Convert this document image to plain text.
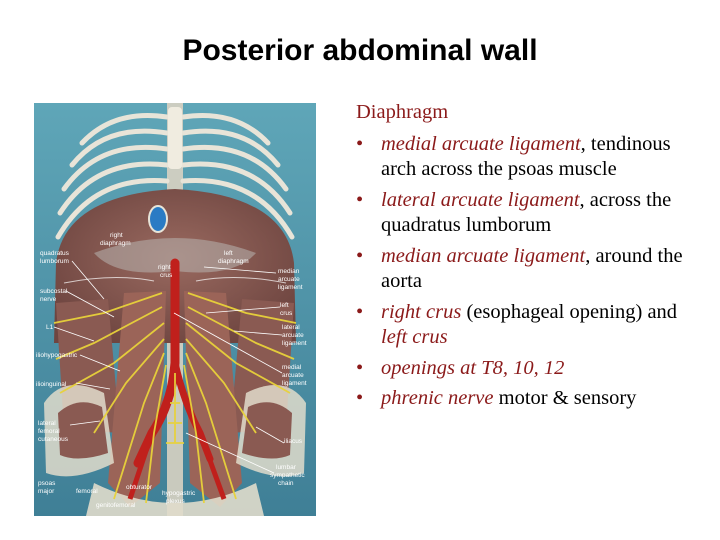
Posterior abdominal wall
quadratus lumborum
subcostal nerve
L1
iliohypogastric
ilioinguinal
lateral femoral cutaneous
psoas major	femoral
genitofemoral
obturator
hypogastric plexus
right diaphragm
left diaphragm
right crus
median arcuate ligament
left crus
lateral arcuate ligament
medial arcuate ligament
iliacus
lumbar sympathetic chain
Diaphragm
• medial arcuate ligament, tendinous arch across the psoas muscle
• lateral arcuate ligament, across the quadratus lumborum
• median arcuate ligament, around the aorta
• right crus (esophageal opening) and left crus
• openings at T8, 10, 12
• phrenic nerve motor & sensory
